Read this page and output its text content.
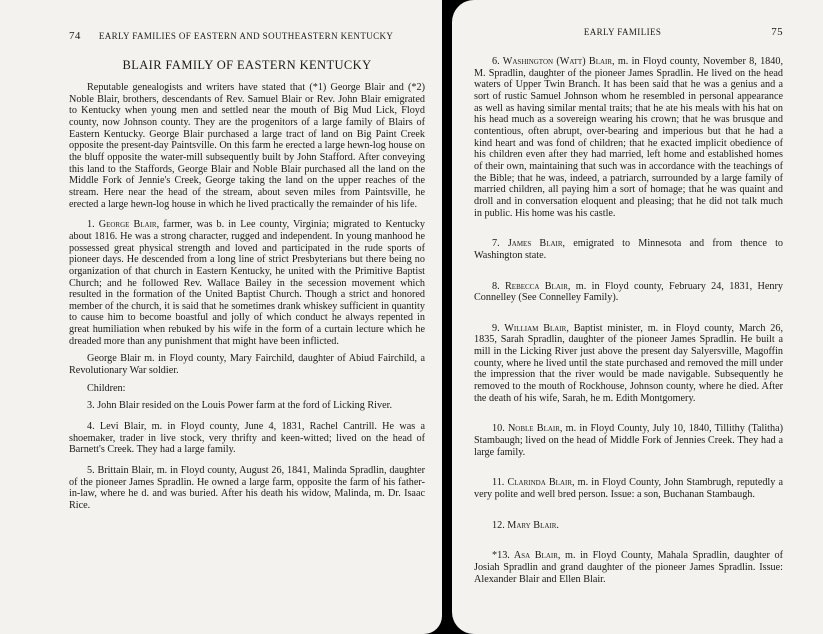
74 EARLY FAMILIES OF EASTERN AND SOUTHEASTERN KENTUCKY
BLAIR FAMILY OF EASTERN KENTUCKY

Reputable genealogists and writers have stated that (*1) George Blair and (*2) Noble Blair, brothers, descendants of Rev. Samuel Blair or Rev. John Blair emigrated to Kentucky when young men and settled near the mouth of Big Mud Lick, Floyd county, now Johnson county. They are the progenitors of a large family of Blairs of Eastern Kentucky. George Blair purchased a large tract of land on Big Paint Creek opposite the present-day Paintsville. On this farm he erected a large hewn-log house on the bluff opposite the water-mill subsequently built by John Stafford. After conveying this land to the Staffords, George Blair and Noble Blair purchased all the land on the Middle Fork of Jennie's Creek, George taking the land on the upper reaches of the stream. Here near the head of the stream, about seven miles from Paintsville, he erected a large hewn-log house in which he lived practically the remainder of his life.

1. George Blair, farmer, was b. in Lee county, Virginia; migrated to Kentucky about 1816. He was a strong character, rugged and independent. In young manhood he possessed great physical strength and loved and participated in the rude sports of pioneer days. He descended from a long line of strict Presbyterians but there being no organization of that church in Eastern Kentucky, he united with the Primitive Baptist Church; and he followed Rev. Wallace Bailey in the secession movement which resulted in the formation of the United Baptist Church. Though a strict and honored member of the church, it is said that he sometimes drank whiskey sufficient in quantity to cause him to become boastful and jolly of which conduct he always repented in great humiliation when rebuked by his wife in the form of a curtain lecture which he dreaded more than any punishment that might have been inflicted.

George Blair m. in Floyd county, Mary Fairchild, daughter of Abiud Fairchild, a Revolutionary War soldier.

Children:

3. John Blair resided on the Louis Power farm at the ford of Licking River.

4. Levi Blair, m. in Floyd county, June 4, 1831, Rachel Cantrill. He was a shoemaker, trader in live stock, very thrifty and keen-witted; lived on the head of Barnett's Creek. They had a large family.

5. Brittain Blair, m. in Floyd county, August 26, 1841, Malinda Spradlin, daughter of the pioneer James Spradlin. He owned a large farm, opposite the farm of his father-in-law, where he d. and was buried. After his death his widow, Malinda, m. Dr. Isaac Rice.

EARLY FAMILIES	75

6. Washington (Watt) Blair, m. in Floyd county, November 8, 1840, M. Spradlin, daughter of the pioneer James Spradlin. He lived on the head waters of Upper Twin Branch. It has been said that he was a genius and a sort of rustic Samuel Johnson whom he resembled in personal appearance as well as having similar mental traits; that he ate his meals with his hat on his head much as a sovereign wearing his crown; that he was brusque and contentious, often abrupt, over-bearing and imperious but that he had a kind heart and was fond of children; that he exacted implicit obedience of his children even after they had married, left home and established homes of their own, maintaining that such was in accordance with the teachings of the Bible; that he was, indeed, a patriarch, surrounded by a large family of married children, all paying him a sort of homage; that he was quaint and droll and in conversation eloquent and pleasing; that he did not talk much in public. His home was his castle.

7. James Blair, emigrated to Minnesota and from thence to Washington state.

8. Rebecca Blair, m. in Floyd county, February 24, 1831, Henry Connelley (See Connelley Family).

9. William Blair, Baptist minister, m. in Floyd county, March 26, 1835, Sarah Spradlin, daughter of the pioneer James Spradlin. He built a mill in the Licking River just above the present day Salyersville, Magoffin county, where he lived until the state purchased and removed the mill under the impression that the river would be made navigable. Subsequently he removed to the mouth of Rockhouse, Johnson county, where he died. After the death of his wife, Sarah, he m. Edith Montgomery.

10. Noble Blair, m. in Floyd County, July 10, 1840, Tillithy (Talitha) Stambaugh; lived on the head of Middle Fork of Jennies Creek. They had a large family.

11. Clarinda Blair, m. in Floyd County, John Stambrugh, reputedly a very polite and well bred person. Issue: a son, Buchanan Stambaugh.

12. Mary Blair.

*13. Asa Blair, m. in Floyd County, Mahala Spradlin, daughter of Josiah Spradlin and grand daughter of the pioneer James Spradlin. Issue: Alexander Blair and Ellen Blair.
